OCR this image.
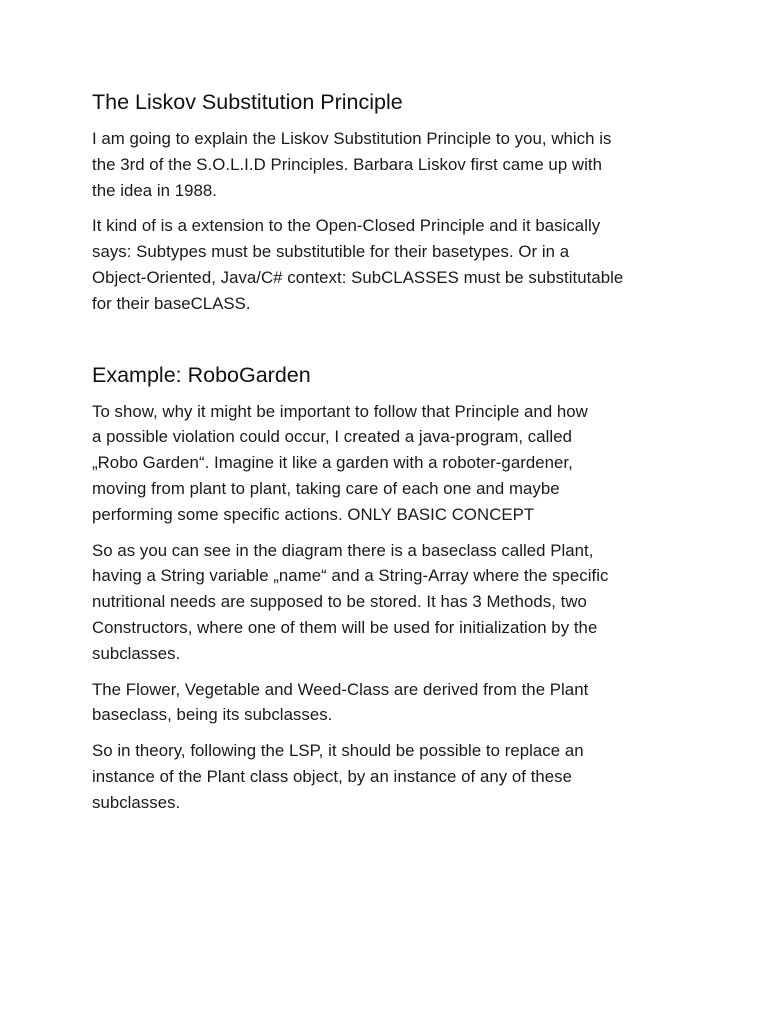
The Liskov Substitution Principle

I am going to explain the Liskov Substitution Principle to you, which is
the 3rd of the S.O.L.I.D Principles. Barbara Liskov first came up with
the idea in 1988.

It kind of is a extension to the Open-Closed Principle and it basically
says: Subtypes must be substitutible for their basetypes. Or in a
Object-Oriented, Java/C# context: SubCLASSES must be substitutable
for their baseCLASS.

Example: RoboGarden

To show, why it might be important to follow that Principle and how
a possible violation could occur, I created a java-program, called
„Robo Garden“. Imagine it like a garden with a roboter-gardener,
moving from plant to plant, taking care of each one and maybe
performing some specific actions. ONLY BASIC CONCEPT

So as you can see in the diagram there is a baseclass called Plant,
having a String variable „name“ and a String-Array where the specific
nutritional needs are supposed to be stored. It has 3 Methods, two
Constructors, where one of them will be used for initialization by the
subclasses.

The Flower, Vegetable and Weed-Class are derived from the Plant
baseclass, being its subclasses.

So in theory, following the LSP, it should be possible to replace an
instance of the Plant class object, by an instance of any of these
subclasses.
